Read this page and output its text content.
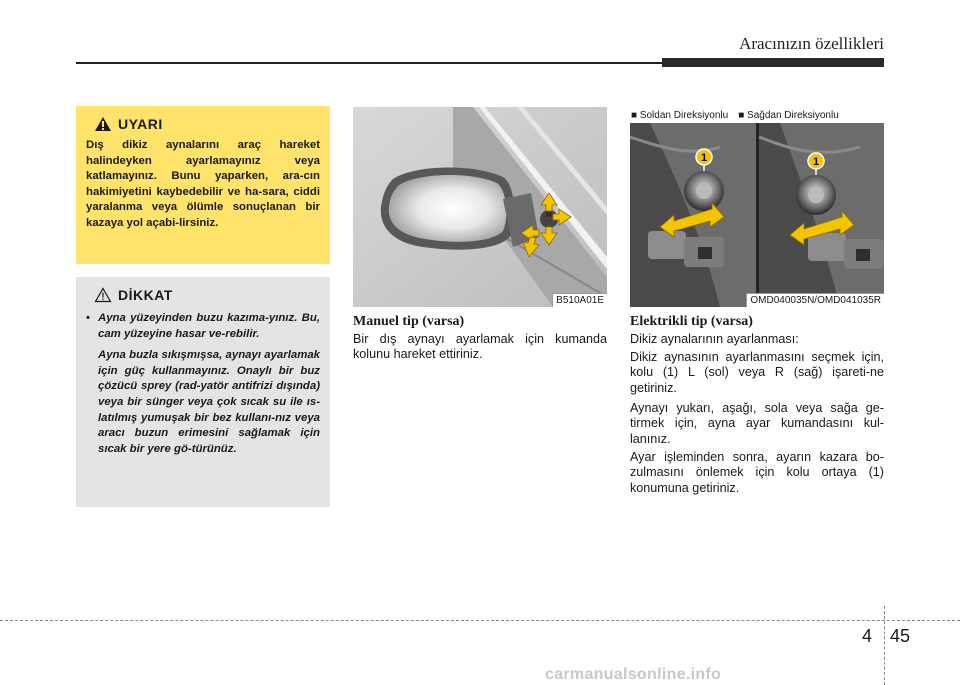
Aracınızın özellikleri
UYARI
Dış dikiz aynalarını araç hareket halindeyken ayarlamayınız veya katlamayınız. Bunu yaparken, ara-cın hakimiyetini kaybedebilir ve ha-sara, ciddi yaralanma veya ölümle sonuçlanan bir kazaya yol açabi-lirsiniz.
DİKKAT

• Ayna yüzeyinden buzu kazıma-yınız. Bu, cam yüzeyine hasar ve-rebilir.

Ayna buzla sıkışmışsa, aynayı ayarlamak için güç kullanmayınız. Onaylı bir buz çözücü sprey (rad-yatör antifrizi dışında) veya bir sünger veya çok sıcak su ile ıs-latılmış yumuşak bir bez kullanı-nız veya aracı buzun erimesini sağlamak için sıcak bir yere gö-türünüz.

B510A01E
1	1
■ Soldan Direksiyonlu ■ Sağdan Direksiyonlu
OMD040035N/OMD041035R
Manuel tip (varsa)
Bir dış aynayı ayarlamak için kumanda kolunu hareket ettiriniz.
Elektrikli tip (varsa)
Dikiz aynalarının ayarlanması:
Dikiz aynasının ayarlanmasını seçmek için, kolu (1) L (sol) veya R (sağ) işareti-ne getiriniz.
Aynayı yukarı, aşağı, sola veya sağa ge-tirmek için, ayna ayar kumandasını kul-lanınız.
Ayar işleminden sonra, ayarın kazara bo-zulmasını önlemek için kolu ortaya (1) konumuna getiriniz.
4 45
carmanualsonline.info
